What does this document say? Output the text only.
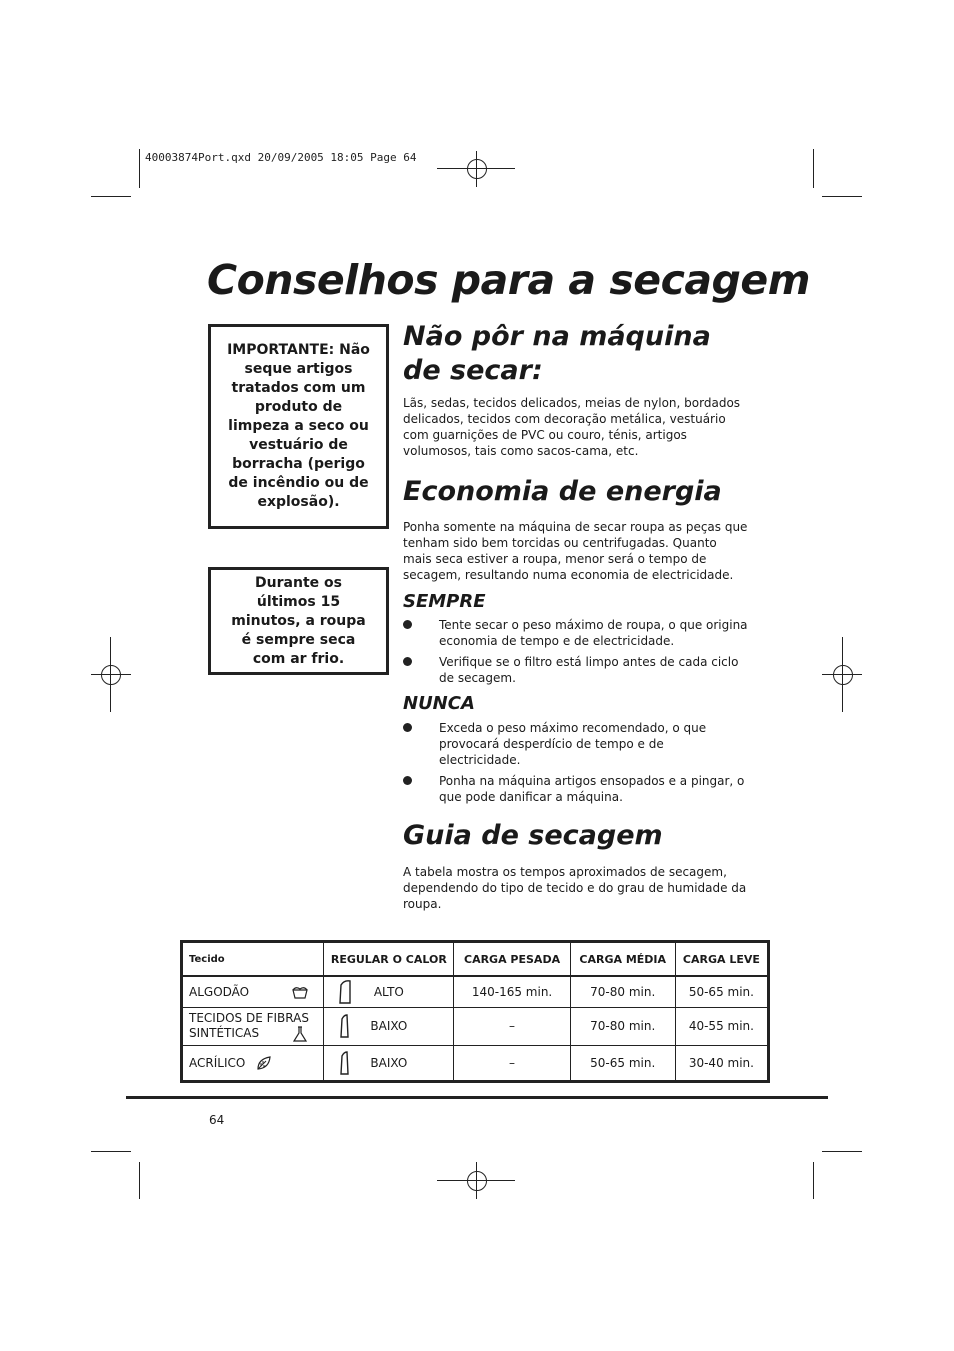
40003874Port.qxd 20/09/2005 18:05 Page 64
Conselhos para a secagem
IMPORTANTE: Não seque artigos tratados com um produto de limpeza a seco ou vestuário de borracha (perigo de incêndio ou de explosão).
Durante os últimos 15 minutos, a roupa é sempre seca com ar frio.
Não pôr na máquina de secar:

Lãs, sedas, tecidos delicados, meias de nylon, bordados delicados, tecidos com decoração metálica, vestuário com guarnições de PVC ou couro, ténis, artigos volumosos, tais como sacos-cama, etc.

Economia de energia

Ponha somente na máquina de secar roupa as peças que tenham sido bem torcidas ou centrifugadas. Quanto mais seca estiver a roupa, menor será o tempo de secagem, resultando numa economia de electricidade.

SEMPRE
Tente secar o peso máximo de roupa, o que origina economia de tempo e de electricidade.
Verifique se o filtro está limpo antes de cada ciclo de secagem.
NUNCA
Exceda o peso máximo recomendado, o que provocará desperdício de tempo e de electricidade.
Ponha na máquina artigos ensopados e a pingar, o que pode danificar a máquina.
Guia de secagem

A tabela mostra os tempos aproximados de secagem, dependendo do tipo de tecido e do grau de humidade da roupa.

Tecido	REGULAR O CALOR	CARGA PESADA	CARGA MÉDIA	CARGA LEVE
ALGODÃO	ALTO	140-165 min.	70-80 min.	50-65 min.
TECIDOS DE FIBRAS
SINTÉTICAS	BAIXO	–	70-80 min.	40-55 min.
ACRÍLICO	BAIXO	–	50-65 min.	30-40 min.
64
